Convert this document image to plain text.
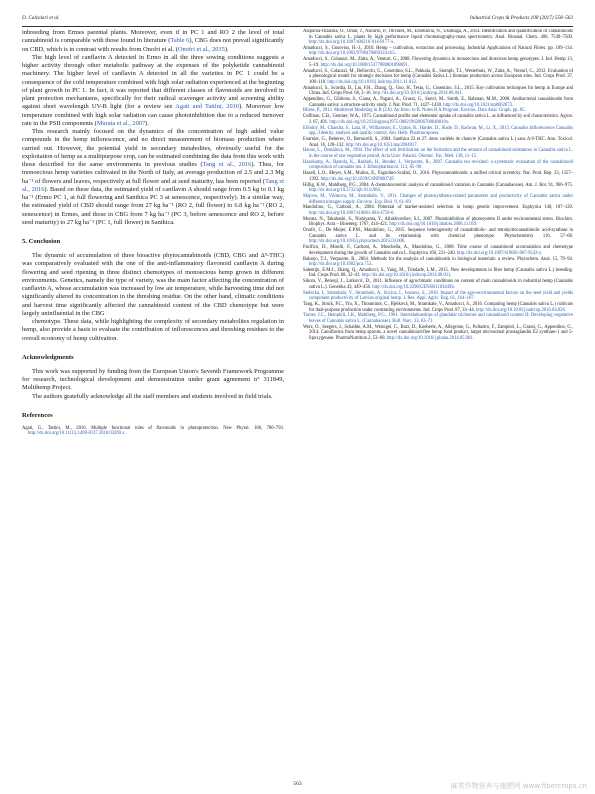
D. Calzolari et al.	Industrial Crops & Products 108 (2017) 558–563

inbreeding from Ermes parental plants. Moreover, even if in PC 1 and RO 2 the level of total cannabinoid is comparable with those found in literature (Table 6), CBG does not prevail significantly on CBD, which is in contrast with results from Onofri et al. (Onofri et al., 2015).

The high level of canflavin A detected in Ermo in all the three sowing conditions suggests a higher activity through other metabolic pathway at the expenses of the polyketide cannabinoid machinery. The higher level of canflavin A detected in all the varieties in PC 1 could be a consequence of the cold temperature combined with high solar radiation experienced at the beginning of plant growth in PC 1. In fact, it was reported that different classes of flavonoids are involved in plant protection mechanisms, specifically for their radical scavenger activity and screening ability against short wavelength UV-B light (for a review see Agati and Tattini, 2010). Moreover low temperature combined with high solar radiation can cause photoinhibition due to a reduced turnover rate in the PSII components (Murata et al., 2007).

This research mainly focused on the dynamics of the concentration of high added value compounds in the hemp inflorescence, and no direct measurement of biomass production where carried out. However, the potential yield in secondary metabolites, obviously useful for the exploitation of hemp as a multipurpose crop, can be estimated combining the data from this work with those described for the same environments in previous studies (Tang et al., 2016). Thus, for monoecious hemp varieties cultivated in the North of Italy, an average production of 2.5 and 2.3 Mg ha⁻¹ of flowers and leaves, respectively at full flower and at seed maturity, has been reported (Tang et al., 2016). Based on these data, the estimated yield of canflavin A should range from 0.5 kg to 0.1 kg ha⁻¹ (Ermo PC 1, at full flowering and Santhica PC 3 at senescence, respectively). In a similar way, the estimated yield of CBD should range from 27 kg ha⁻¹ (RO 2, full flower) to 6.8 kg ha⁻¹ (RO 2, senescence) in Ermes, and those in CBG from 7 kg ha⁻¹ (PC 3, before senescence and RO 2, before seed maturity) to 27 kg ha⁻¹ (PC 1, full flower) in Santhica.

5. Conclusion

The dynamic of accumulation of three bioactive phytocannabinoids (CBD, CBG and Δ⁹-THC) was comparatively evaluated with the one of the anti-inflammatory flavonoid canflavin A during flowering and seed ripening in three distinct chemotypes of monoecious hemp grown in different environments. Genetics, namely the type of variety, was the main factor affecting the concentration of canflavin A, whose accumulation was increased by low air temperature, while harvesting time did not significantly altered its concentration in the threshing residue. On the other hand, climatic conditions and harvest time significantly affected the cannabinoid content of the CBD chemotype but were largely uninfluential in the CBG

chemotype. These data, while highlighting the complexity of secondary metabolites regulation in hemp, also provide a basis to evaluate the contribution of inflorescences and threshing residues to the overall economy of hemp cultivation.

Acknowledgments

This work was supported by funding from the European Union's Seventh Framework Programme for research, technological development and demonstration under grant agreement n° 311849, Multihemp Project.

The authors gratefully acknowledge all the staff members and students involved in field trials.

References
Agati, G., Tattini, M., 2010. Multiple functional roles of flavonoids in photoprotection. New Phytol. 186, 786–793. http://dx.doi.org/10.1111/j.1469-8137.2010.03269.x.
Aizpurua-Olaizola, O., Omar, J., Navarro, P., Olivares, M., Etxebarria, N., Usobiaga, A., 2014. Identification and quantification of cannabinoids in Cannabis sativa L. plants by high performance liquid chromatography-mass spectrometry. Anal. Bioanal. Chem. 406, 7549–7560. http://dx.doi.org/10.1007/s00216-014-8177-x.
Amaducci, S., Gusovius, H.-J., 2010. Hemp – cultivation, extraction and processing. Industrial Applications of Natural Fibres. pp. 109–134. http://dx.doi.org/10.1002/9780470660324.ch5.
Amaducci, S., Colauzzi, M., Zatta, A., Venturi, G., 2008. Flowering dynamics in monoecious and dioecious hemp genotypes. J. Ind. Hemp 13, 5–19. http://dx.doi.org/10.1080/15377880801898691.
Amaducci, S., Colauzzi, M., Bellocchi, G., Cosentino, S.L., Pahkala, K., Stomph, T.J., Westerhuis, W., Zatta, A., Venturi, G., 2012. Evaluation of a phenological model for strategic decisions for hemp (Cannabis Sativa L.) biomass production across European sites. Ind. Crops Prod. 37, 100–110. http://dx.doi.org/10.1016/j.indcrop.2011.11.012.
Amaducci, S., Scordia, D., Liu, F.H., Zhang, Q., Guo, H., Testa, G., Cosentino, S.L., 2015. Key cultivation techniques for hemp in Europe and China. Ind. Crops Prod. 68, 2–16. http://dx.doi.org/10.1016/j.indcrop.2014.06.041.
Appendino, G., Gibbons, S., Giana, A., Pagani, A., Grassi, G., Stavri, M., Smith, E., Rahman, M.M., 2008. Antibacterial cannabinoids from Cannabis sativa: a structure-activity study. J. Nat. Prod. 71, 1427–1430. http://dx.doi.org/10.1021/np8002673.
Bliese, P., 2013. Multilevel Modeling in R (2.6). An Intro. to R. Notes R A Program. Environ. Data Anal. Graph. pp. 85.
Coffman, C.B., Gentner, W.A., 1975. Cannabinoid profile and elemental uptake of cannabis sativa L. as influenced by soil characteristics. Agron. J. 67, 491. http://dx.doi.org/10.2134/agronj1975.00021962006700040010x.
ElSohly, M., Chandra, S., Lata, H., Williamson, E., Upton, R., Harder, D., Slade, D., Radwan, M., Li, X., 2013. Cannabis Inflorescence Cannabis spp.; Identity, analysis and quality control. Am. Herb. Pharmacopoeia.
Fournier, G., Beherec, O., Bertucelli, S., 2004. Santhica 23 et 27: deux variétés de chanvre (Cannabis sativa L.) sans Δ-9-THC. Ann. Toxicol. Anal. 16, 128–132. http://dx.doi.org/10.1051/ata/2004017.
Hanus, L., Dostálová, M., 1994. The effect of soil fertilization on the formation and the amount of cannabinoid substances in Cannabis sativa L. in the course of one vegetation period. Acta Univ. Palacki. Olomuc. Fac. Med. 138, 11–15.
Hazekamp, A., Bastola, K., Rashidi, H., Bender, J., Verpoorte, R., 2007. Cannabis tea revisited: a systematic evaluation of the cannabinoid composition of cannabis tea. J. Ethnopharmacol. 113, 85–90.
Hazell, L.O., Meyer, S.M., Muñoz, E., Fagiolino-Scafati, O., 2016. Phytocannabinoids: a unified critical inventory. Nat. Prod. Rep. 33, 1357–1392. http://dx.doi.org/10.1039/C6NP00074F.
Hillig, K.W., Mahlberg, P.G., 2004. A chemotaxonomic analysis of cannabinoid variation in Cannabis (Cannabaceae). Am. J. Bot. 91, 966–975. http://dx.doi.org/10.3732/ajb.91.6.966.
Majcen, M., Vilímova, M., Strambálo, V., 2011. Changes of photosynthesis-related parameters and productivity of Cannabis sativa under different nitrogen supply. Environ. Exp. Biol. 9, 61–69.
Mandolino, G., Carboni, A., 2004. Potential of marker-assisted selection in hemp genetic improvement. Euphytica 140, 107–120. http://dx.doi.org/10.1007/s10681-004-4759-6.
Murata, N., Takahashi, S., Nishiyama, Y., Allakhverdiev, S.I., 2007. Photoinhibition of photosystem II under environmental stress. Biochim. Biophys. Acta – Bioenerg. 1767, 414–421. http://dx.doi.org/10.1016/j.bbabio.2006.11.019.
Onofri, C., De Meijer, E.P.M., Mandolino, G., 2015. Sequence heterogeneity of cannabidiolic- and tetrahydrocannabinolic acid-synthase in Cannabis sativa L. and its relationship with chemical phenotype. Phytochemistry 116, 57–68. http://dx.doi.org/10.1016/j.phytochem.2015.03.006.
Pacifico, D., Miselli, F., Carboni, A., Moschella, A., Mandolino, G., 2008. Time course of cannabinoid accumulation and chemotype development during the growth of Cannabis sativa L. Euphytica 160, 231–240. http://dx.doi.org/10.1007/s10681-007-9543-y.
Raharjo, T.J., Verpoorte, R., 2004. Methods for the analysis of cannabinoids in biological materials: a review. Phytochem. Anal. 15, 79–94. http://dx.doi.org/10.1002/pca.753.
Salentijn, E.M.J., Zhang, Q., Amaducci, S., Yang, M., Trindade, L.M., 2015. New developments in fiber hemp (Cannabis sativa L.) breeding. Ind. Crops Prod. 68, 32–41. http://dx.doi.org/10.1016/j.indcrop.2014.08.011.
Sikora, V., Berenji, J., Latković, D., 2011. Influence of agroclimatic conditions on content of main cannabinoids in industrial hemp (Cannabis sativa L.). Genetika 43, 449–456. http://dx.doi.org/10.2298/GENSR1103449S.
Stefecka, I., Strambalo, V., Strambalo, A., Krcica, I., Ivanovs, S., 2016. Impact of the agro-environmental factors on the seed yield and yields component productivity of Latvian original hemp. J. Res. Appl. Agric. Eng. 61, 164–167.
Tang, K., Struik, P.C., Yin, X., Thouminot, C., Bjelková, M., Stramkale, V., Amaducci, S., 2016. Comparing hemp (Cannabis sativa L.) cultivars for dual-purpose production under contrasting environments. Ind. Crops Prod. 87, 33–44. http://dx.doi.org/10.1016/j.indcrop.2016.04.026.
Turner, J.C., Hemphill, J.K., Mahlberg, P.G., 1981. Interrelationships of glandular trichomes and cannabinoid content II: Developing vegetative leaves of Cannabis sativa L. (Cannabaceae). Bull. Narc. 33, 63–71.
Werz, O., Seegers, J., Schaible, A.M., Weinigel, C., Barz, D., Koeberle, A., Allegrone, G., Pollastro, F., Zampieri, L., Grassi, G., Appendino, G., 2014. Cannflavins from hemp sprouts, a novel cannabinoid-free hemp food product, target microsomal prostaglandin E2 synthase-1 and 5-lipoxygenase. PharmaNutrition 2, 53–60. http://dx.doi.org/10.1016/j.phanu.2014.05.001.
563	麻类作物营养与施肥网 www.fibercrops.cn
